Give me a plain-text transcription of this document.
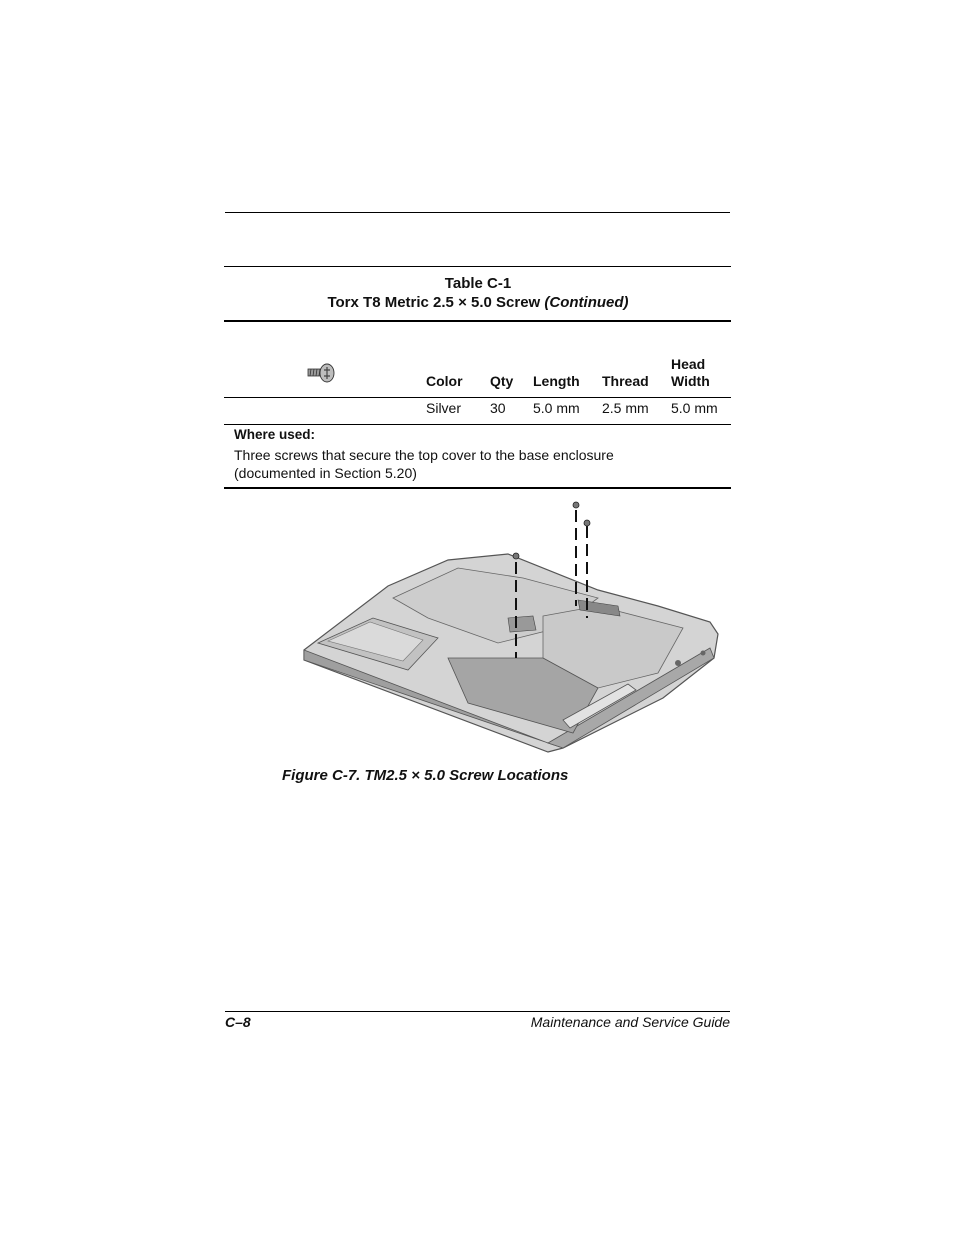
Table C-1
Torx T8 Metric 2.5 × 5.0 Screw (Continued)
Color Qty Length Thread
Head
Width
Silver 30 5.0 mm 2.5 mm 5.0 mm
Where used:
Three screws that secure the top cover to the base enclosure
(documented in Section 5.20)
Figure C-7. TM2.5 × 5.0 Screw Locations
C–8	Maintenance and Service Guide
